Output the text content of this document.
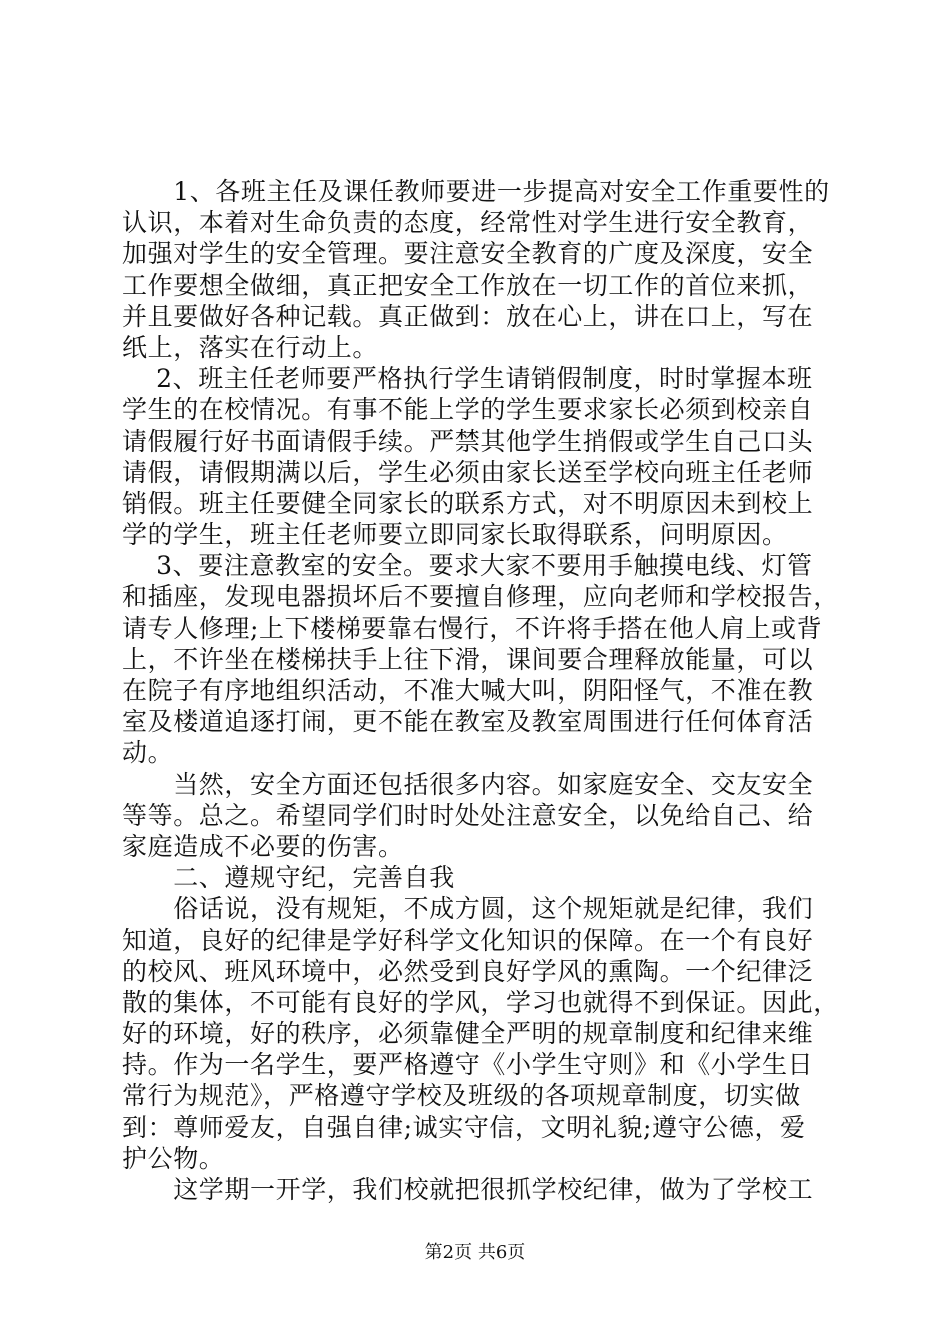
　　1、各班主任及课任教师要进一步提高对安全工作重要性的
认识，本着对生命负责的态度，经常性对学生进行安全教育，
加强对学生的安全管理。要注意安全教育的广度及深度，安全
工作要想全做细，真正把安全工作放在一切工作的首位来抓，
并且要做好各种记载。真正做到：放在心上，讲在口上，写在
纸上，落实在行动上。
　 2、班主任老师要严格执行学生请销假制度，时时掌握本班
学生的在校情况。有事不能上学的学生要求家长必须到校亲自
请假履行好书面请假手续。严禁其他学生捎假或学生自己口头
请假，请假期满以后，学生必须由家长送至学校向班主任老师
销假。班主任要健全同家长的联系方式，对不明原因未到校上
学的学生，班主任老师要立即同家长取得联系，问明原因。
　 3、要注意教室的安全。要求大家不要用手触摸电线、灯管
和插座，发现电器损坏后不要擅自修理，应向老师和学校报告，
请专人修理;上下楼梯要靠右慢行，不许将手搭在他人肩上或背
上，不许坐在楼梯扶手上往下滑，课间要合理释放能量，可以
在院子有序地组织活动，不准大喊大叫，阴阳怪气，不准在教
室及楼道追逐打闹，更不能在教室及教室周围进行任何体育活
动。
　　当然，安全方面还包括很多内容。如家庭安全、交友安全
等等。总之。希望同学们时时处处注意安全，以免给自己、给
家庭造成不必要的伤害。
　　二、遵规守纪，完善自我
　　俗话说，没有规矩，不成方圆，这个规矩就是纪律，我们
知道，良好的纪律是学好科学文化知识的保障。在一个有良好
的校风、班风环境中，必然受到良好学风的熏陶。一个纪律泛
散的集体，不可能有良好的学风，学习也就得不到保证。因此，
好的环境，好的秩序，必须靠健全严明的规章制度和纪律来维
持。作为一名学生，要严格遵守《小学生守则》和《小学生日
常行为规范》，严格遵守学校及班级的各项规章制度，切实做
到：尊师爱友，自强自律;诚实守信，文明礼貌;遵守公德，爱
护公物。
　　这学期一开学，我们校就把很抓学校纪律，做为了学校工
第2页 共6页
